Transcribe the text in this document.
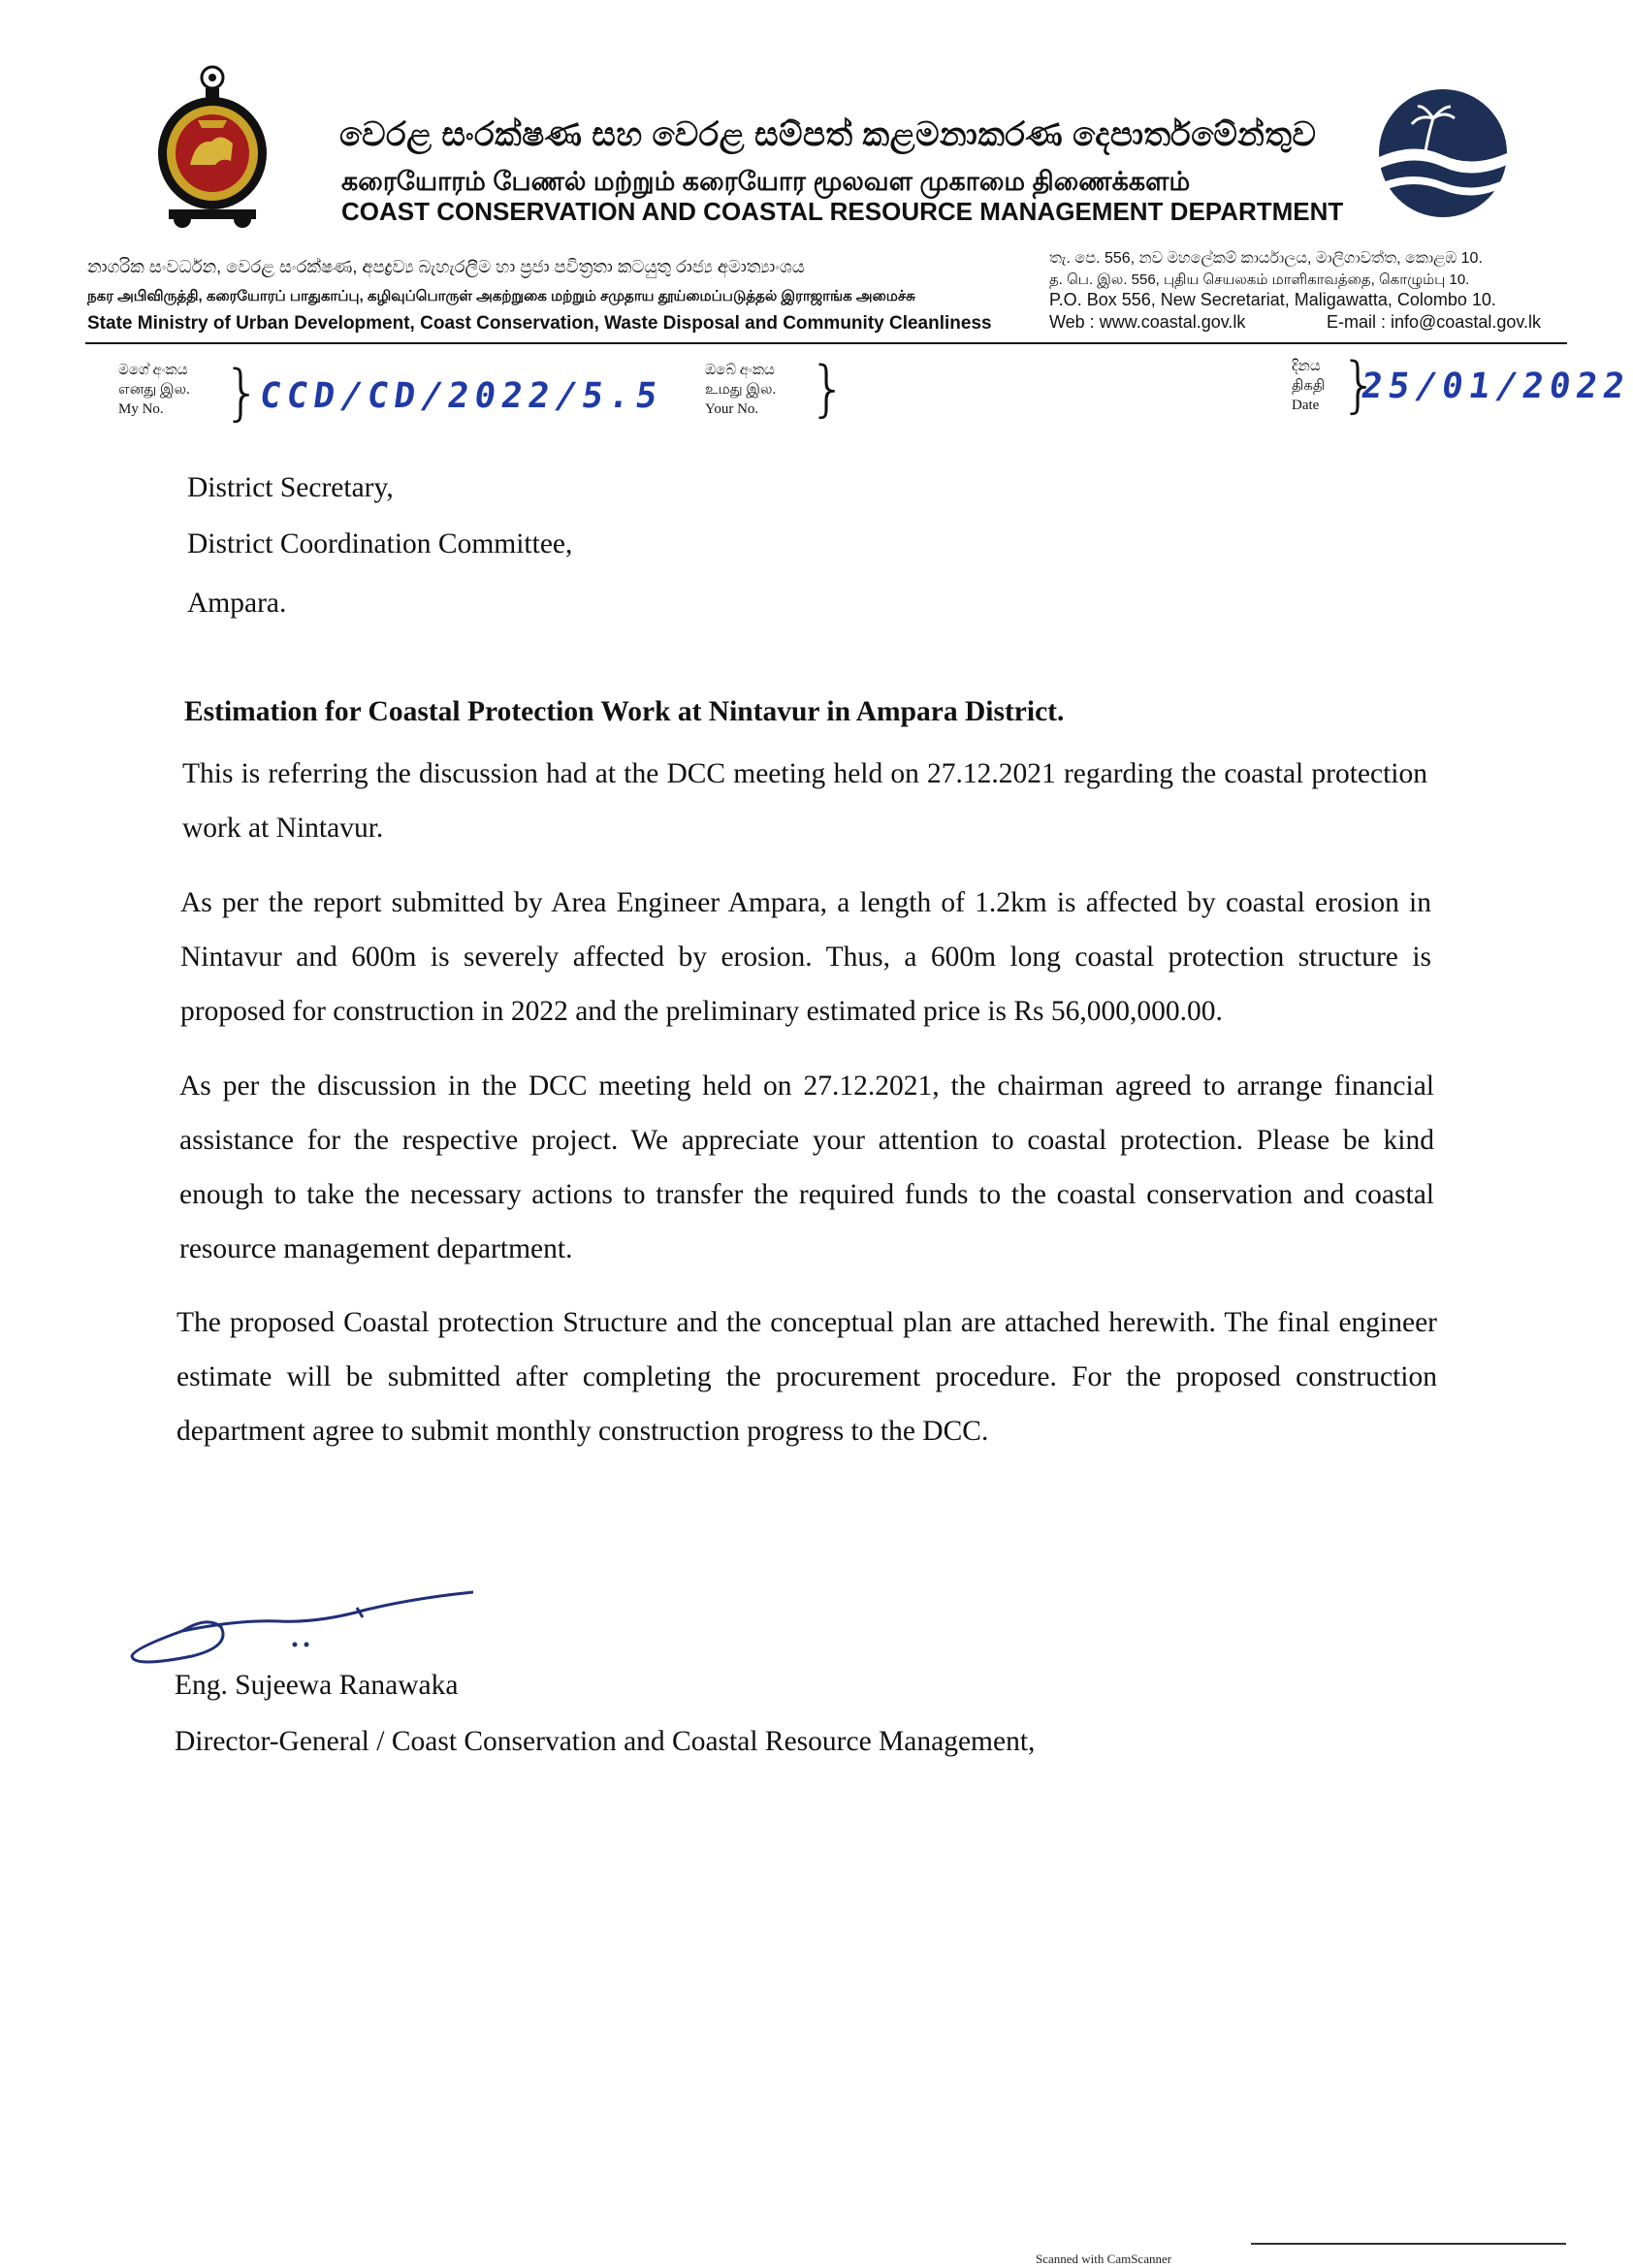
වෙරළ සංරක්ෂණ සහ වෙරළ සම්පත් කළමනාකරණ දෙපාර්තමේන්තුව
கரையோரம் பேணல் மற்றும் கரையோர மூலவள முகாமை திணைக்களம்
COAST CONSERVATION AND COASTAL RESOURCE MANAGEMENT DEPARTMENT
නාගරික සංවර්ධන, වෙරළ සංරක්ෂණ, අපද්‍රව්‍ය බැහැරලීම හා ප්‍රජා පවිත්‍රතා කටයුතු රාජ්‍ය අමාත්‍යාංශය
நகர அபிவிருத்தி, கரையோரப் பாதுகாப்பு, கழிவுப்பொருள் அகற்றுகை மற்றும் சமுதாய தூய்மைப்படுத்தல் இராஜாங்க அமைச்சு
State Ministry of Urban Development, Coast Conservation, Waste Disposal and Community Cleanliness
තැ. පෙ. 556, නව මහලේකම් කාර්යාලය, මාලිගාවත්ත, කොළඹ 10.
த. பெ. இல. 556, புதிய செயலகம் மாளிகாவத்தை, கொழும்பு 10.
P.O. Box 556, New Secretariat, Maligawatta, Colombo 10.
Web : www.coastal.gov.lk	E-mail : info@coastal.gov.lk
මගේ අංකය
எனது இல.
My No. }
CCD/CD/2022/5.5
ඔබේ අංකය
உமது இல.
Your No. }	දිනය
திகதி
Date }
25/01/2022
District Secretary,
District Coordination Committee,
Ampara.
Estimation for Coastal Protection Work at Nintavur in Ampara District.
This is referring the discussion had at the DCC meeting held on 27.12.2021 regarding the coastal protection work at Nintavur.
As per the report submitted by Area Engineer Ampara, a length of 1.2km is affected by coastal erosion in Nintavur and 600m is severely affected by erosion. Thus, a 600m long coastal protection structure is proposed for construction in 2022 and the preliminary estimated price is Rs 56,000,000.00.
As per the discussion in the DCC meeting held on 27.12.2021, the chairman agreed to arrange financial assistance for the respective project. We appreciate your attention to coastal protection. Please be kind enough to take the necessary actions to transfer the required funds to the coastal conservation and coastal resource management department.
The proposed Coastal protection Structure and the conceptual plan are attached herewith. The final engineer estimate will be submitted after completing the procurement procedure. For the proposed construction department agree to submit monthly construction progress to the DCC.
Eng. Sujeewa Ranawaka
Director-General / Coast Conservation and Coastal Resource Management,
Scanned with CamScanner
